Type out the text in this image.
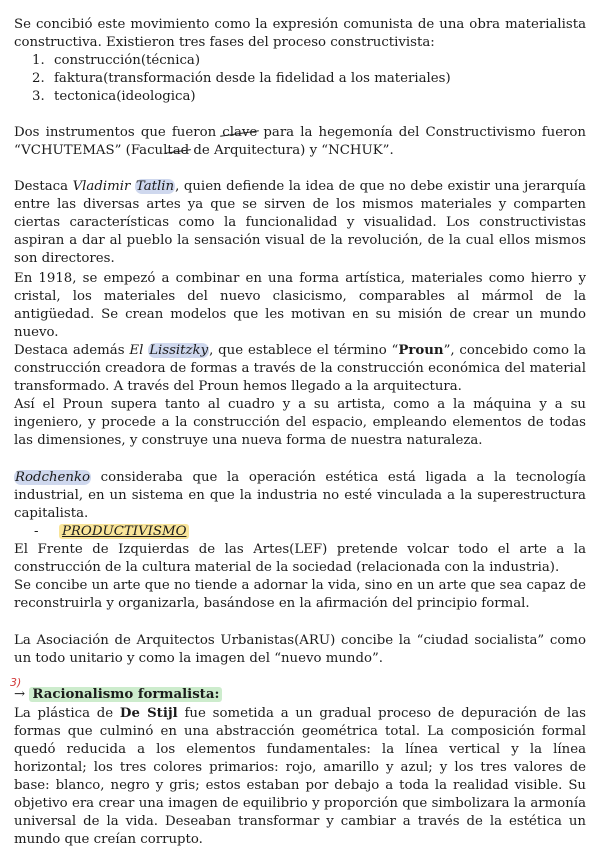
Se concibió este movimiento como la expresión comunista de una obra materialista constructiva. Existieron tres fases del proceso constructivista:

1. construcción(técnica)
2. faktura(transformación desde la fidelidad a los materiales)
3. tectonica(ideologica)

Dos instrumentos que fueron clave para la hegemonía del Constructivismo fueron “VCHUTEMAS” (Facultad de Arquitectura) y “NCHUK”.

Destaca Vladimir Tatlin, quien defiende la idea de que no debe existir una jerarquía entre las diversas artes ya que se sirven de los mismos materiales y comparten ciertas características como la funcionalidad y visualidad. Los constructivistas aspiran a dar al pueblo la sensación visual de la revolución, de la cual ellos mismos son directores.

En 1918, se empezó a combinar en una forma artística, materiales como hierro y cristal, los materiales del nuevo clasicismo, comparables al mármol de la antigüedad. Se crean modelos que les motivan en su misión de crear un mundo nuevo.

Destaca además El Lissitzky, que establece el término “Proun”, concebido como la construcción creadora de formas a través de la construcción económica del material transformado. A través del Proun hemos llegado a la arquitectura.
Así el Proun supera tanto al cuadro y a su artista, como a la máquina y a su ingeniero, y procede a la construcción del espacio, empleando elementos de todas las dimensiones, y construye una nueva forma de nuestra naturaleza.

Rodchenko consideraba que la operación estética está ligada a la tecnología industrial, en un sistema en que la industria no esté vinculada a la superestructura capitalista.

- PRODUCTIVISMO

El Frente de Izquierdas de las Artes(LEF) pretende volcar todo el arte a la construcción de la cultura material de la sociedad (relacionada con la industria).
Se concibe un arte que no tiende a adornar la vida, sino en un arte que sea capaz de reconstruirla y organizarla, basándose en la afirmación del principio formal.

La Asociación de Arquitectos Urbanistas(ARU) concibe la “ciudad socialista” como un todo unitario y como la imagen del “nuevo mundo”.

3)
→ Racionalismo formalista:

La plástica de De Stijl fue sometida a un gradual proceso de depuración de las formas que culminó en una abstracción geométrica total. La composición formal quedó reducida a los elementos fundamentales: la línea vertical y la línea horizontal; los tres colores primarios: rojo, amarillo y azul; y los tres valores de base: blanco, negro y gris; estos estaban por debajo a toda la realidad visible. Su objetivo era crear una imagen de equilibrio y proporción que simbolizara la armonía universal de la vida. Deseaban transformar y cambiar a través de la estética un mundo que creían corrupto.
